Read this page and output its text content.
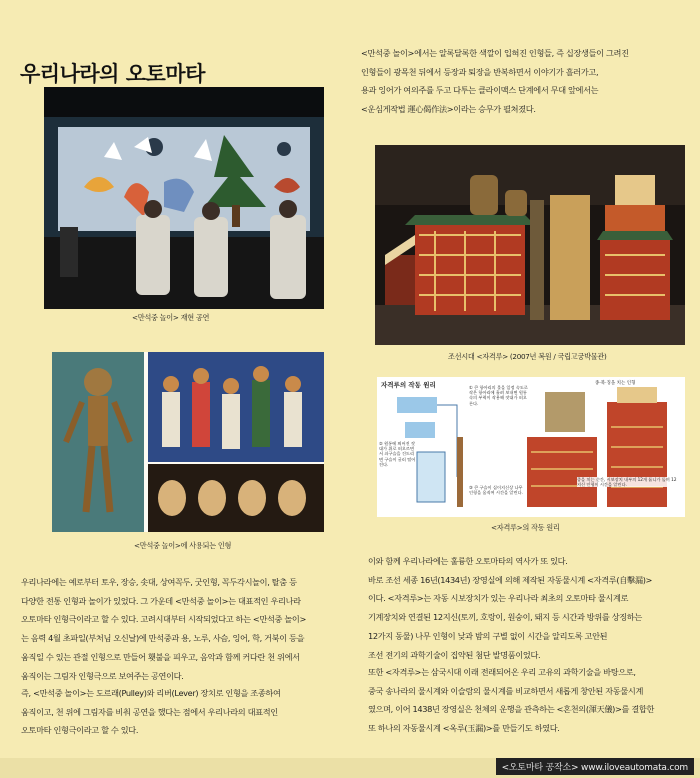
우리나라의 오토마타
<만석중 놀이>에서는 알록달록한 색깔이 입혀진 인형들, 즉 십장생들이 그려진
인형들이 광목천 뒤에서 등장과 퇴장을 반복하면서 이야기가 흘러가고,
용과 잉어가 여의주를 두고 다투는 클라이맥스 단계에서 무대 앞에서는
<운심게작법 運心偈作法>이라는 승무가 펼쳐졌다.
<만석중 놀이> 재현 공연
조선시대 <자격루> (2007년 복원 / 국립고궁박물관)
<만석중 놀이>에 사용되는 인형
자격루의 작동 원리	① 큰 항아리의 물을 일정 속도로 작은 항아리에 흘려 보내면 원통 속의 부력이 작용해 잣대가 떠오른다.
② 원통에 띄어진 잣대가 위로 떠오르면서 쇠구슬을 건드리면 구슬이 굴러 떨어진다.
③ 큰 구슬이 십이지신상 나무 인형을 움직여 시간을 알린다.
종·북·징을 치는 인형
종을 치는 순간, 시보장치 내부의 12개 톱니가 돌며 12지신 인형이 시간을 알린다.
<자격루>의 작동 원리
우리나라에는 예로부터 토우, 장승, 솟대, 상여꼭두, 굿인형, 꼭두각시놀이, 탈춤 등
다양한 전통 인형과 놀이가 있었다. 그 가운데 <만석중 놀이>는 대표적인 우리나라
오토마타 인형극이라고 할 수 있다. 고려시대부터 시작되었다고 하는 <만석중 놀이>
는 음력 4월 초파일(부처님 오신날)에 만석중과 용, 노루, 사슴, 잉어, 학, 거북이 등을
움직일 수 있는 관절 인형으로 만들어 횃불을 피우고, 음악과 함께 커다란 천 위에서
움직이는 그림자 인형극으로 보여주는 공연이다.
즉, <만석중 놀이>는 도르래(Pulley)와 리버(Lever) 장치로 인형을 조종하여
움직이고, 천 위에 그림자를 비춰 공연을 했다는 점에서 우리나라의 대표적인
오토마타 인형극이라고 할 수 있다.
이와 함께 우리나라에는 훌륭한 오토마타의 역사가 또 있다.
바로 조선 세종 16년(1434년) 장영실에 의해 제작된 자동물시계 <자격루(自擊漏)>
이다. <자격루>는 자동 시보장치가 있는 우리나라 최초의 오토마타 물시계로
기계장치와 연결된 12지신(토끼, 호랑이, 원숭이, 돼지 등 시간과 방위를 상징하는
12가지 동물) 나무 인형이 낮과 밤의 구별 없이 시간을 알리도록 고안된
조선 전기의 과학기술이 집약된 첨단 발명품이었다.
또한 <자격루>는 삼국시대 이래 전래되어온 우리 고유의 과학기술을 바탕으로,
중국 송나라의 물시계와 이슬람의 물시계를 비교하면서 새롭게 창안된 자동물시계
였으며, 이어 1438년 장영실은 천체의 운행을 관측하는 <혼천의(渾天儀)>를 결합한
또 하나의 자동물시계 <옥루(玉漏)>를 만들기도 하였다.
<오토마타 공작소> www.iloveautomata.com
